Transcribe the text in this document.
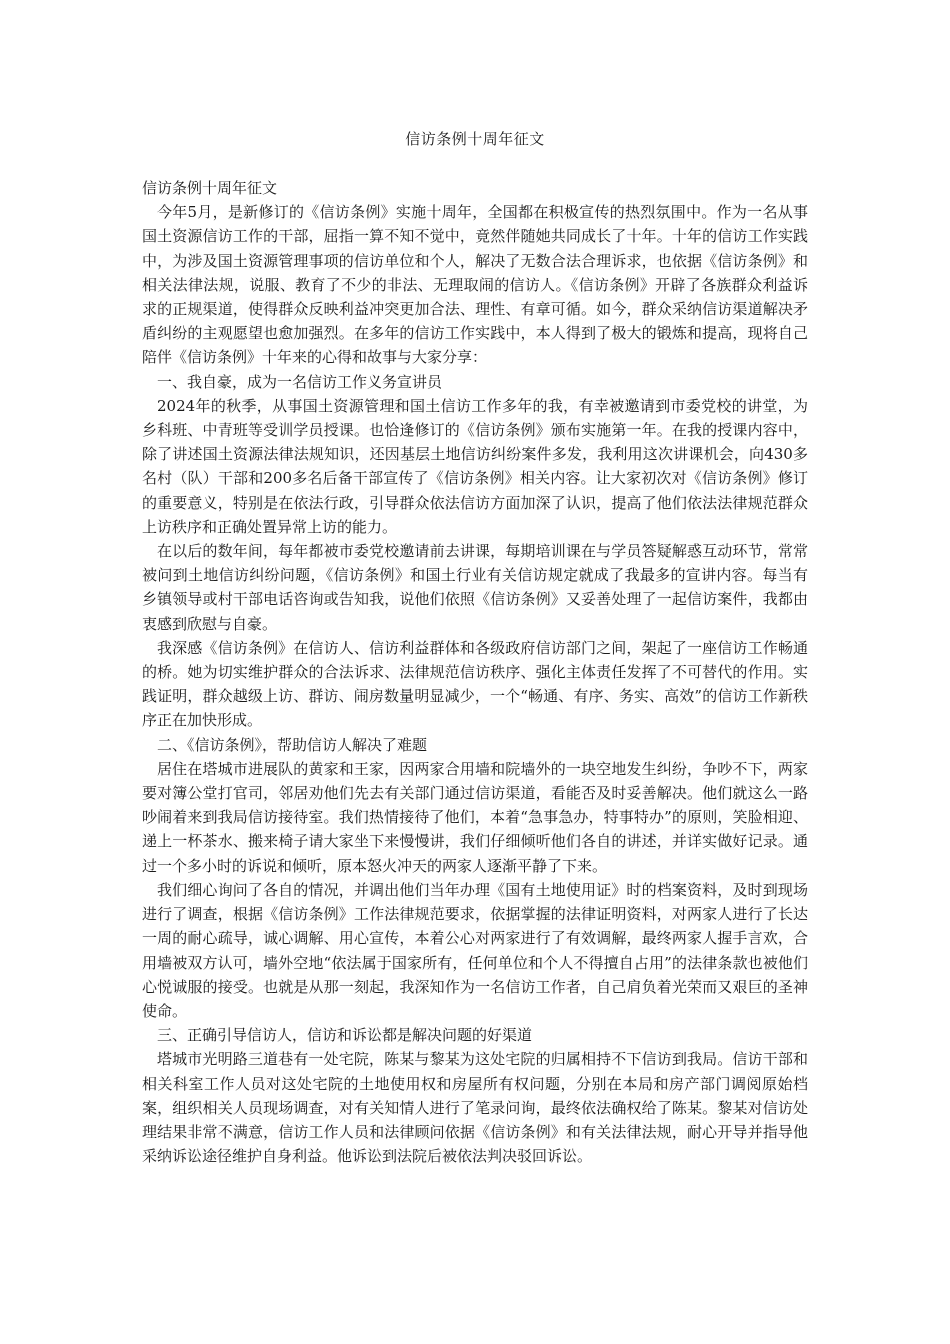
信访条例十周年征文

信访条例十周年征文

今年5月，是新修订的《信访条例》实施十周年，全国都在积极宣传的热烈氛围中。作为一名从事国土资源信访工作的干部，屈指一算不知不觉中，竟然伴随她共同成长了十年。十年的信访工作实践中，为涉及国土资源管理事项的信访单位和个人，解决了无数合法合理诉求，也依据《信访条例》和相关法律法规，说服、教育了不少的非法、无理取闹的信访人。《信访条例》开辟了各族群众利益诉求的正规渠道，使得群众反映利益冲突更加合法、理性、有章可循。如今，群众采纳信访渠道解决矛盾纠纷的主观愿望也愈加强烈。在多年的信访工作实践中，本人得到了极大的锻炼和提高，现将自己陪伴《信访条例》十年来的心得和故事与大家分享：

一、我自豪，成为一名信访工作义务宣讲员

2024年的秋季，从事国土资源管理和国土信访工作多年的我，有幸被邀请到市委党校的讲堂，为乡科班、中青班等受训学员授课。也恰逢修订的《信访条例》颁布实施第一年。在我的授课内容中，除了讲述国土资源法律法规知识，还因基层土地信访纠纷案件多发，我利用这次讲课机会，向430多名村（队）干部和200多名后备干部宣传了《信访条例》相关内容。让大家初次对《信访条例》修订的重要意义，特别是在依法行政，引导群众依法信访方面加深了认识，提高了他们依法法律规范群众上访秩序和正确处置异常上访的能力。

在以后的数年间，每年都被市委党校邀请前去讲课，每期培训课在与学员答疑解惑互动环节，常常被问到土地信访纠纷问题，《信访条例》和国土行业有关信访规定就成了我最多的宣讲内容。每当有乡镇领导或村干部电话咨询或告知我，说他们依照《信访条例》又妥善处理了一起信访案件，我都由衷感到欣慰与自豪。

我深感《信访条例》在信访人、信访利益群体和各级政府信访部门之间，架起了一座信访工作畅通的桥。她为切实维护群众的合法诉求、法律规范信访秩序、强化主体责任发挥了不可替代的作用。实践证明，群众越级上访、群访、闹房数量明显减少，一个“畅通、有序、务实、高效”的信访工作新秩序正在加快形成。

二、《信访条例》，帮助信访人解决了难题

居住在塔城市进展队的黄家和王家，因两家合用墙和院墙外的一块空地发生纠纷，争吵不下，两家要对簿公堂打官司，邻居劝他们先去有关部门通过信访渠道，看能否及时妥善解决。他们就这么一路吵闹着来到我局信访接待室。我们热情接待了他们，本着“急事急办，特事特办”的原则，笑脸相迎、递上一杯茶水、搬来椅子请大家坐下来慢慢讲，我们仔细倾听他们各自的讲述，并详实做好记录。通过一个多小时的诉说和倾听，原本怒火冲天的两家人逐渐平静了下来。

我们细心询问了各自的情况，并调出他们当年办理《国有土地使用证》时的档案资料，及时到现场进行了调查，根据《信访条例》工作法律规范要求，依据掌握的法律证明资料，对两家人进行了长达一周的耐心疏导，诚心调解、用心宣传，本着公心对两家进行了有效调解，最终两家人握手言欢，合用墙被双方认可，墙外空地“依法属于国家所有，任何单位和个人不得擅自占用”的法律条款也被他们心悦诚服的接受。也就是从那一刻起，我深知作为一名信访工作者，自己肩负着光荣而又艰巨的圣神使命。

三、正确引导信访人，信访和诉讼都是解决问题的好渠道

塔城市光明路三道巷有一处宅院，陈某与黎某为这处宅院的归属相持不下信访到我局。信访干部和相关科室工作人员对这处宅院的土地使用权和房屋所有权问题，分别在本局和房产部门调阅原始档案，组织相关人员现场调查，对有关知情人进行了笔录问询，最终依法确权给了陈某。黎某对信访处理结果非常不满意，信访工作人员和法律顾问依据《信访条例》和有关法律法规，耐心开导并指导他采纳诉讼途径维护自身利益。他诉讼到法院后被依法判决驳回诉讼。
